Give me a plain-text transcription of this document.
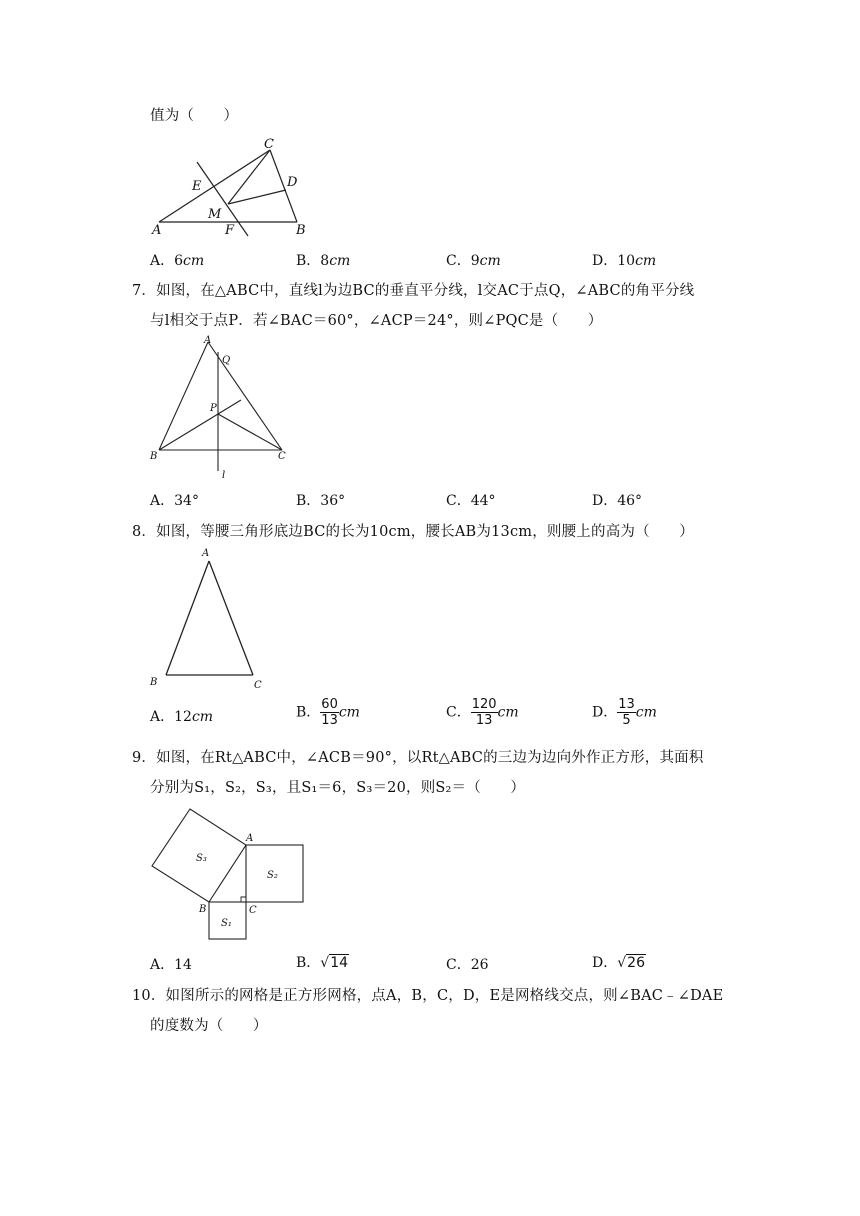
值为（　　）
A	F	B
E
M
C
D
A．6cm	B．8cm	C．9cm	D．10cm
7．如图，在△ABC中，直线l为边BC的垂直平分线，l交AC于点Q，∠ABC的角平分线
与l相交于点P．若∠BAC＝60°，∠ACP＝24°，则∠PQC是（　　）
A
Q
P
B	C
l
A．34°	B．36°	C．44°	D．46°
8．如图，等腰三角形底边BC的长为10cm，腰长AB为13cm，则腰上的高为（　　）
A
B	C
A．12cm	B． $\frac{60}{13}$ cm	C． $\frac{120}{13}$ cm	D． $\frac{13}{5}$ cm
9．如图，在Rt△ABC中，∠ACB＝90°，以Rt△ABC的三边为边向外作正方形，其面积
分别为S₁，S₂，S₃，且S₁＝6，S₃＝20，则S₂＝（　　）
A
B	C
S₁
S₂
S₃
A．14	B．√14	C．26	D．√26
10．如图所示的网格是正方形网格，点A，B，C，D，E是网格线交点，则∠BAC﹣∠DAE
的度数为（　　）
